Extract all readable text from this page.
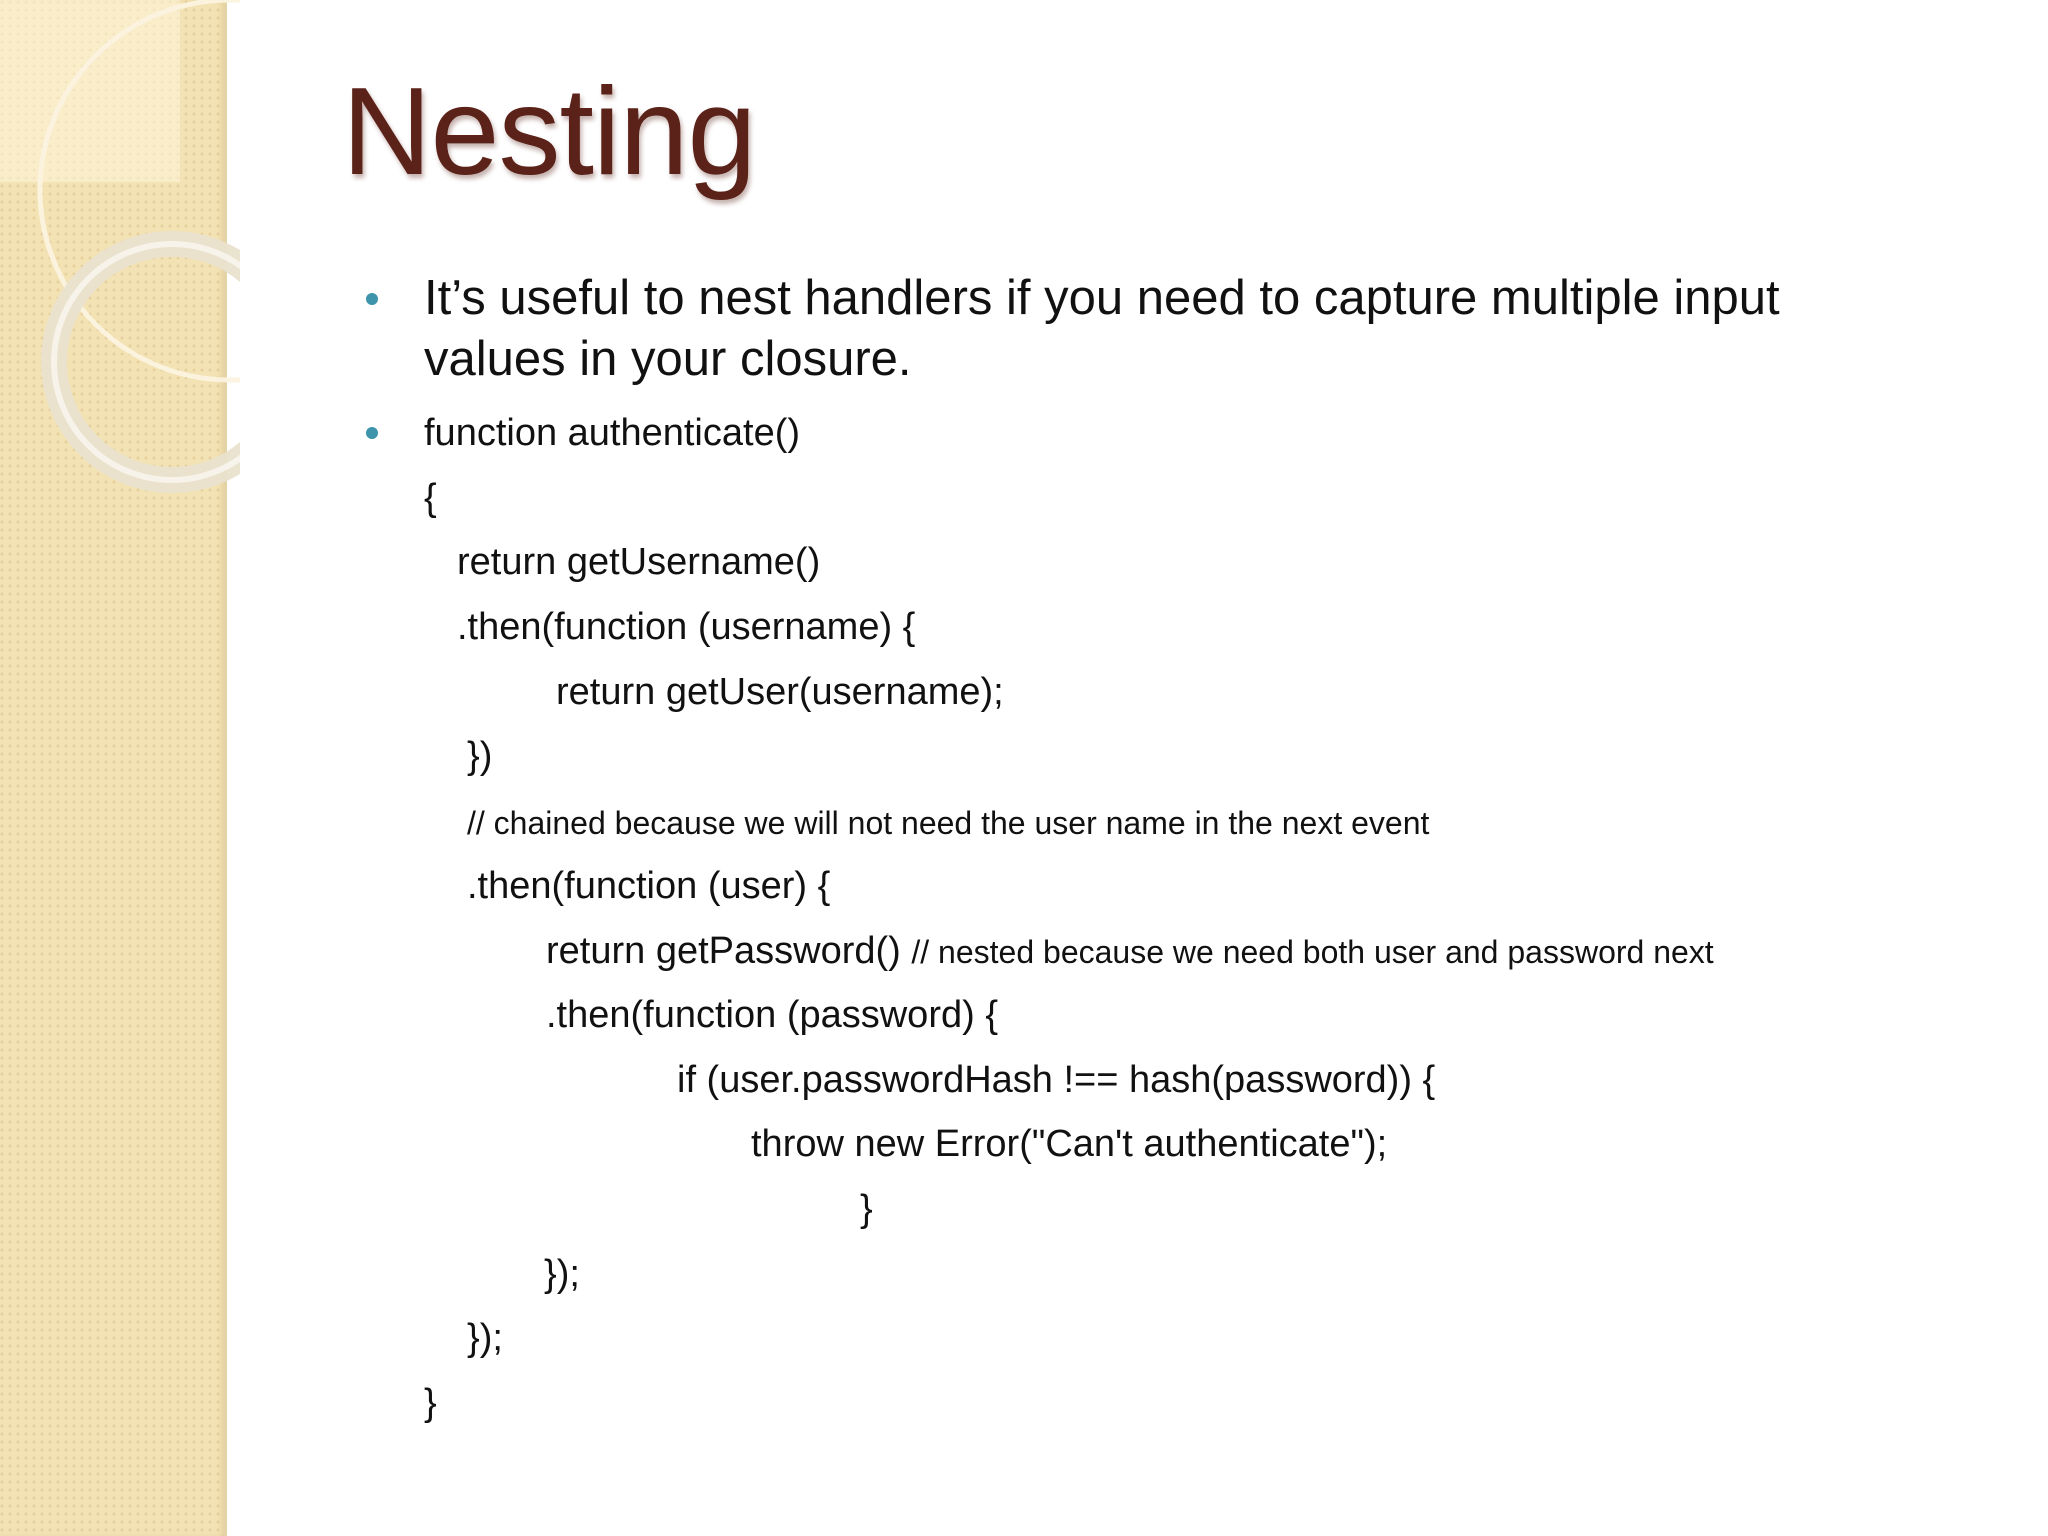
Nesting

It’s useful to nest handlers if you need to capture multiple input

values in your closure.

function authenticate()

{

return getUsername()

.then(function (username) {

return getUser(username);

})

// chained because we will not need the user name in the next event

.then(function (user) {

return getPassword() // nested because we need both user and password next

.then(function (password) {

if (user.passwordHash !== hash(password)) {

throw new Error("Can't authenticate");

}

});

});

}
